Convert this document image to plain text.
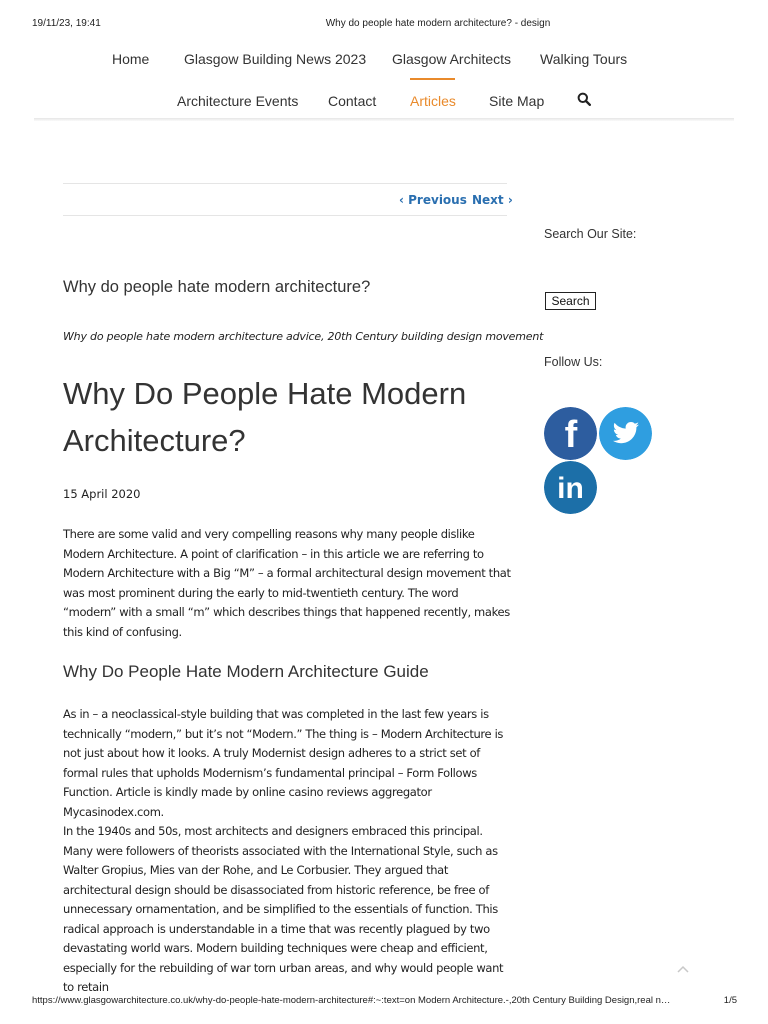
19/11/23, 19:41	Why do people hate modern architecture? - design
Home Glasgow Building News 2023 Glasgow Architects Walking Tours
Architecture Events Contact Articles Site Map
‹ Previous Next ›
Why do people hate modern architecture?
Why do people hate modern architecture advice, 20th Century building design movement
Why Do People Hate Modern Architecture?
15 April 2020

There are some valid and very compelling reasons why many people dislike Modern Architecture. A point of clarification – in this article we are referring to Modern Architecture with a Big “M” – a formal architectural design movement that was most prominent during the early to mid-twentieth century. The word “modern” with a small “m” which describes things that happened recently, makes this kind of confusing.

Why Do People Hate Modern Architecture Guide

As in – a neoclassical-style building that was completed in the last few years is technically “modern,” but it’s not “Modern.” The thing is – Modern Architecture is not just about how it looks. A truly Modernist design adheres to a strict set of formal rules that upholds Modernism’s fundamental principal – Form Follows Function. Article is kindly made by online casino reviews aggregator Mycasinodex.com.

In the 1940s and 50s, most architects and designers embraced this principal. Many were followers of theorists associated with the International Style, such as Walter Gropius, Mies van der Rohe, and Le Corbusier. They argued that architectural design should be disassociated from historic reference, be free of unnecessary ornamentation, and be simplified to the essentials of function. This radical approach is understandable in a time that was recently plagued by two devastating world wars. Modern building techniques were cheap and efficient, especially for the rebuilding of war torn urban areas, and why would people want to retain

Search Our Site:
Search
Follow Us:
f
in
https://www.glasgowarchitecture.co.uk/why-do-people-hate-modern-architecture#:~:text=on Modern Architecture.-,20th Century Building Design,real n…	1/5
